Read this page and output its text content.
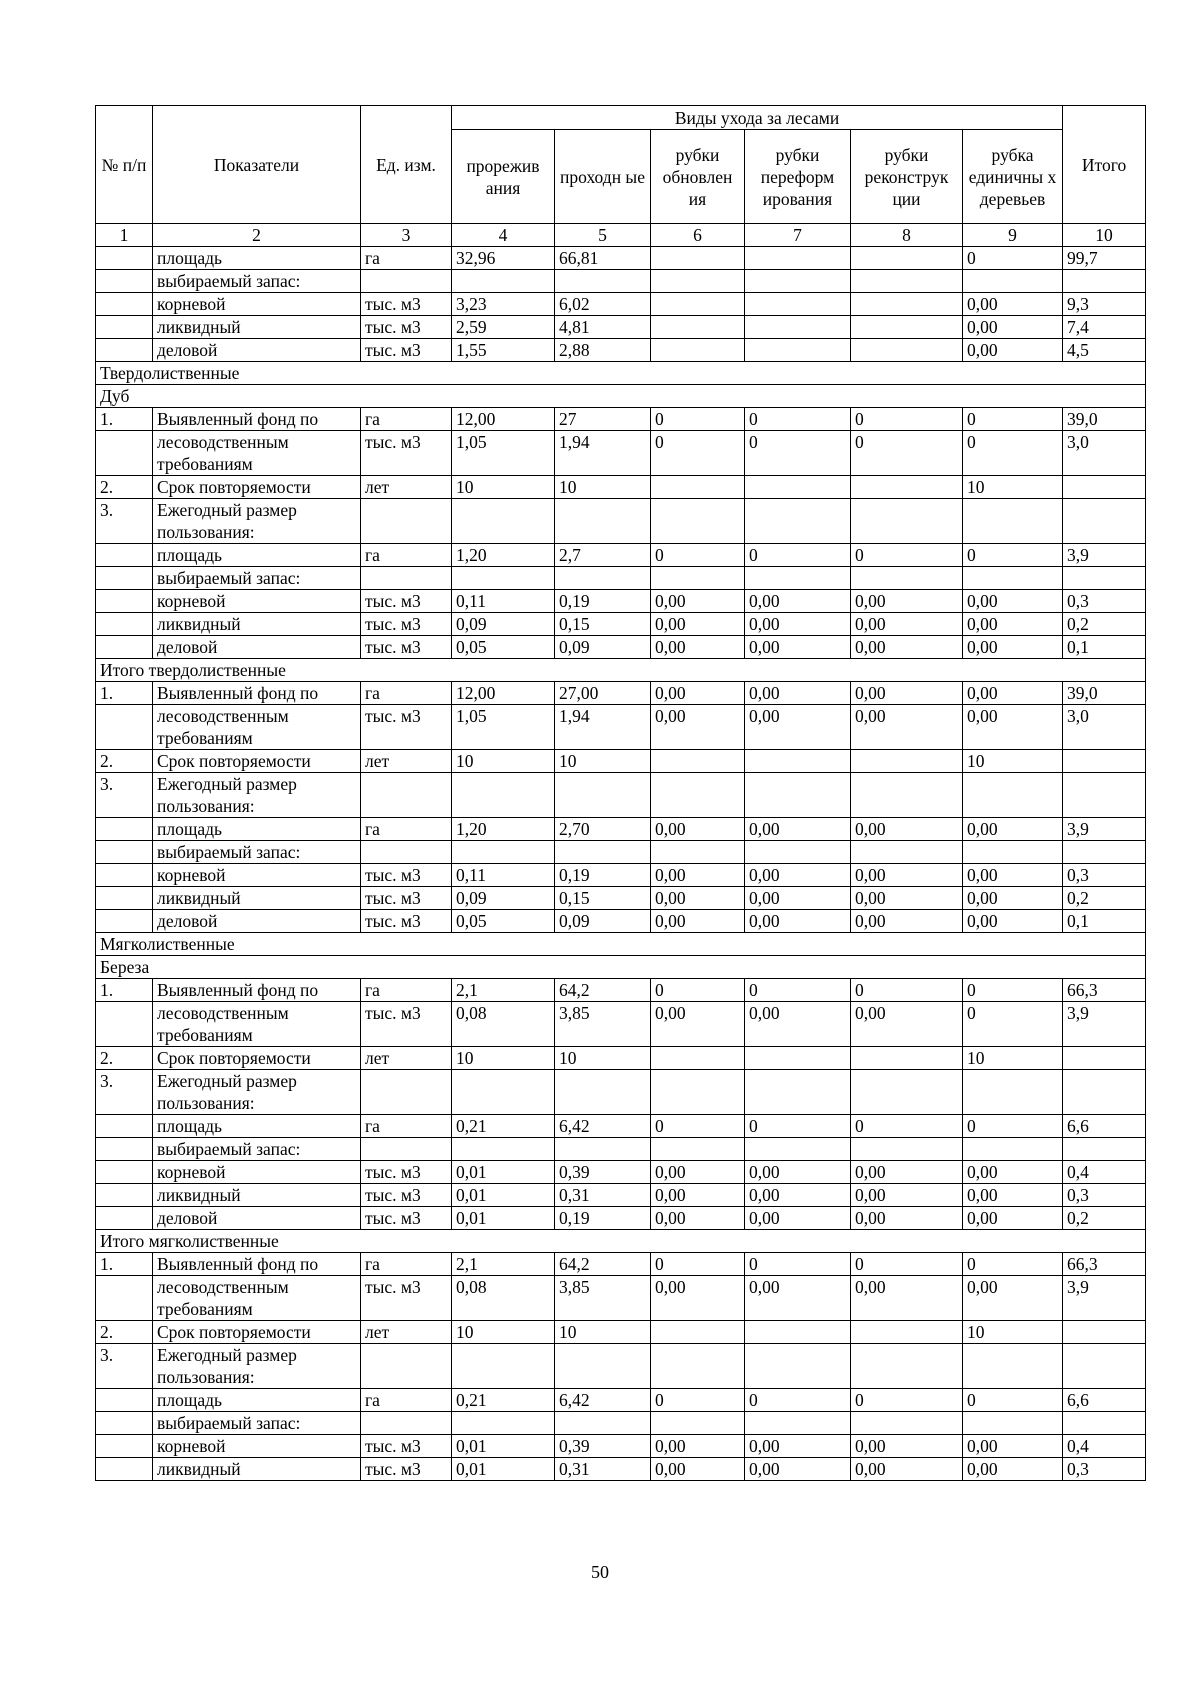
№ п/п	Показатели	Ед. изм.	Виды ухода за лесами						Итого
			прорежив ания	проходн ые	рубки обновлен ия	рубки переформ ирования	рубки реконструк ции	рубка единичны х деревьев	
1	2	3	4	5	6	7	8	9	10
	площадь	га	32,96	66,81				0	99,7
	выбираемый запас:								
	корневой	тыс. м3	3,23	6,02				0,00	9,3
	ликвидный	тыс. м3	2,59	4,81				0,00	7,4
	деловой	тыс. м3	1,55	2,88				0,00	4,5
Твердолиственные									
Дуб									
1.	Выявленный фонд по	га	12,00	27	0	0	0	0	39,0
	лесоводственным требованиям	тыс. м3	1,05	1,94	0	0	0	0	3,0
2.	Срок повторяемости	лет	10	10				10	
3.	Ежегодный размер пользования:								
	площадь	га	1,20	2,7	0	0	0	0	3,9
	выбираемый запас:								
	корневой	тыс. м3	0,11	0,19	0,00	0,00	0,00	0,00	0,3
	ликвидный	тыс. м3	0,09	0,15	0,00	0,00	0,00	0,00	0,2
	деловой	тыс. м3	0,05	0,09	0,00	0,00	0,00	0,00	0,1
Итого твердолиственные									
1.	Выявленный фонд по	га	12,00	27,00	0,00	0,00	0,00	0,00	39,0
	лесоводственным требованиям	тыс. м3	1,05	1,94	0,00	0,00	0,00	0,00	3,0
2.	Срок повторяемости	лет	10	10				10	
3.	Ежегодный размер пользования:								
	площадь	га	1,20	2,70	0,00	0,00	0,00	0,00	3,9
	выбираемый запас:								
	корневой	тыс. м3	0,11	0,19	0,00	0,00	0,00	0,00	0,3
	ликвидный	тыс. м3	0,09	0,15	0,00	0,00	0,00	0,00	0,2
	деловой	тыс. м3	0,05	0,09	0,00	0,00	0,00	0,00	0,1
Мягколиственные									
Береза									
1.	Выявленный фонд по	га	2,1	64,2	0	0	0	0	66,3
	лесоводственным требованиям	тыс. м3	0,08	3,85	0,00	0,00	0,00	0	3,9
2.	Срок повторяемости	лет	10	10				10	
3.	Ежегодный размер пользования:								
	площадь	га	0,21	6,42	0	0	0	0	6,6
	выбираемый запас:								
	корневой	тыс. м3	0,01	0,39	0,00	0,00	0,00	0,00	0,4
	ликвидный	тыс. м3	0,01	0,31	0,00	0,00	0,00	0,00	0,3
	деловой	тыс. м3	0,01	0,19	0,00	0,00	0,00	0,00	0,2
Итого мягколиственные									
1.	Выявленный фонд по	га	2,1	64,2	0	0	0	0	66,3
	лесоводственным требованиям	тыс. м3	0,08	3,85	0,00	0,00	0,00	0,00	3,9
2.	Срок повторяемости	лет	10	10				10	
3.	Ежегодный размер пользования:								
	площадь	га	0,21	6,42	0	0	0	0	6,6
	выбираемый запас:								
	корневой	тыс. м3	0,01	0,39	0,00	0,00	0,00	0,00	0,4
	ликвидный	тыс. м3	0,01	0,31	0,00	0,00	0,00	0,00	0,3
50
